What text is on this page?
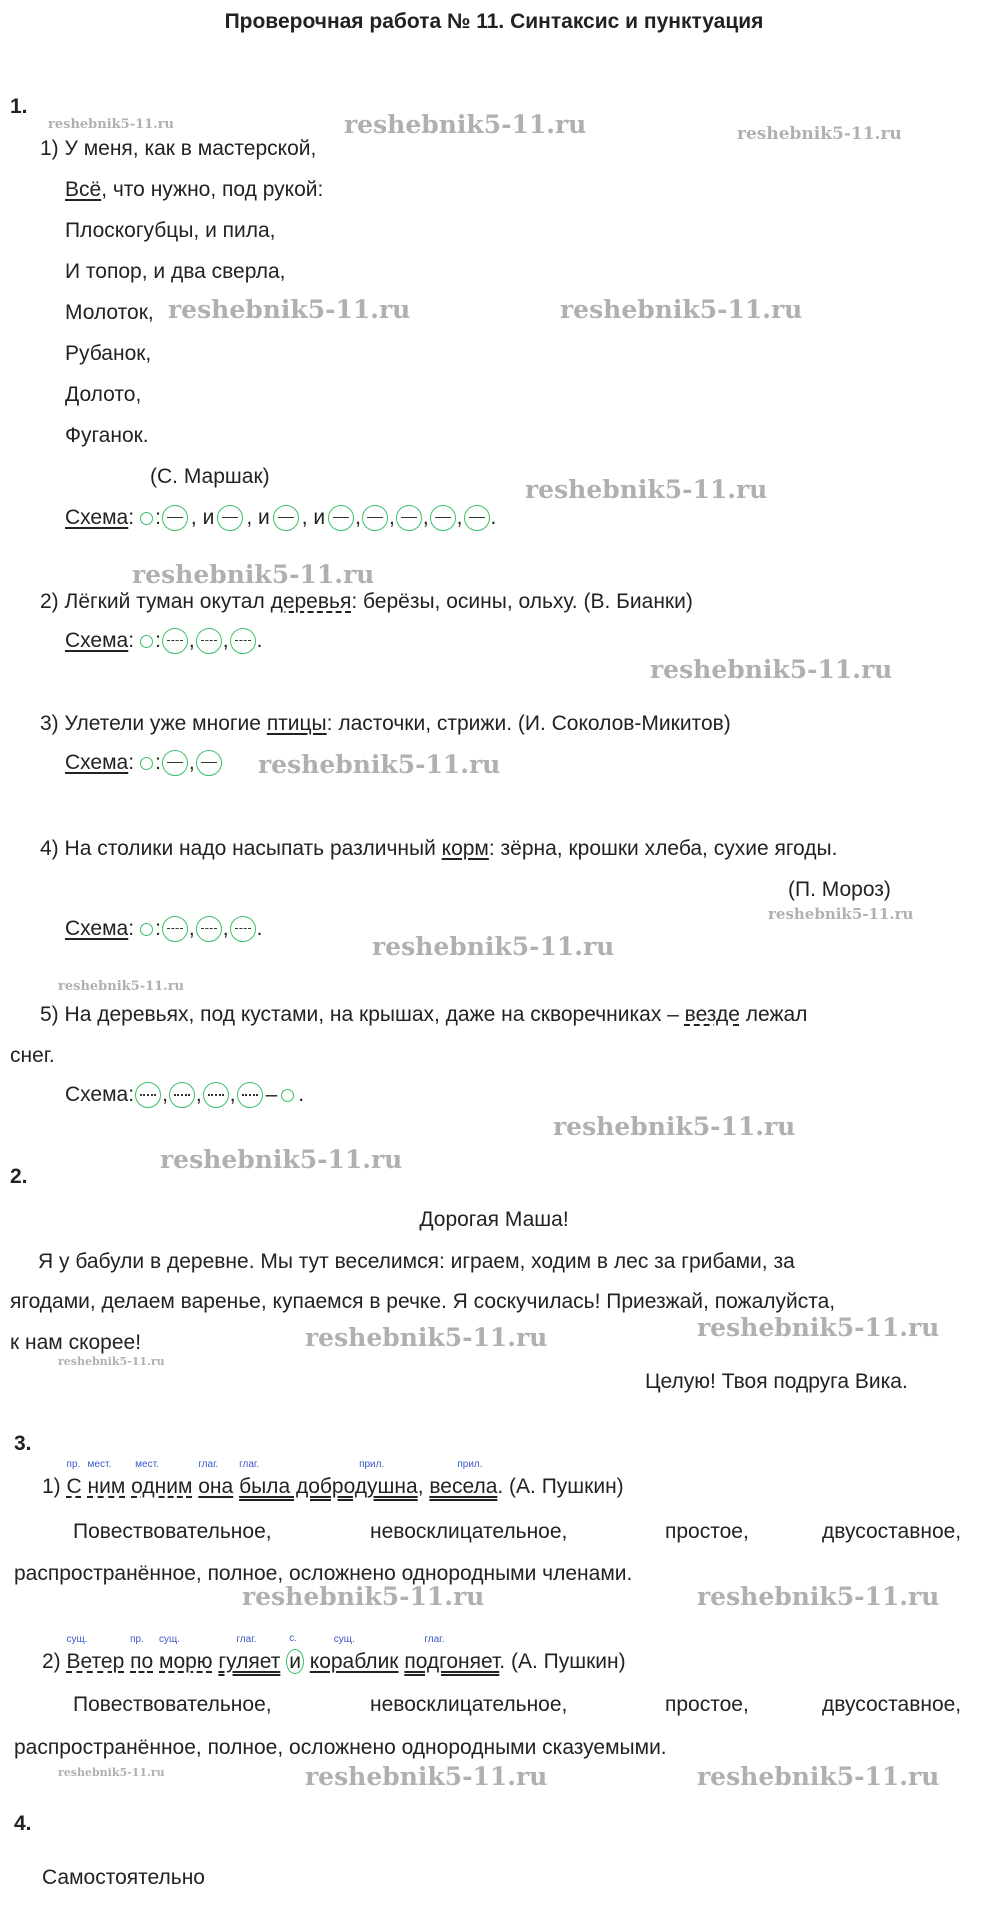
Проверочная работа № 11. Синтаксис и пунктуация
1.
reshebnik5-11.ru	reshebnik5-11.ru	reshebnik5-11.ru
1) У меня, как в мастерской,
Всё, что нужно, под рукой:
Плоскогубцы, и пила,
И топор, и два сверла,
Молоток, reshebnik5-11.ru	reshebnik5-11.ru
Рубанок,
Долото,
Фуганок.
(С. Маршак)	reshebnik5-11.ru
Схема : : , и , и , и , , , , .
reshebnik5-11.ru
2) Лёгкий туман окутал деревья: берёзы, осины, ольху. (В. Бианки)
Схема : : , , .
reshebnik5-11.ru
3) Улетели уже многие птицы: ласточки, стрижи. (И. Соколов-Микитов)
Схема : : ,	reshebnik5-11.ru
4) На столики надо насыпать различный корм: зёрна, крошки хлеба, сухие ягоды.
(П. Мороз)
reshebnik5-11.ru
Схема : : , , .
reshebnik5-11.ru
reshebnik5-11.ru
5) На деревьях, под кустами, на крышах, даже на скворечниках – везде лежал
снег.
Схема: , , , – .
reshebnik5-11.ru
reshebnik5-11.ru
2.
Дорогая Маша!
Я у бабули в деревне. Мы тут веселимся: играем, ходим в лес за грибами, за
ягодами, делаем варенье, купаемся в речке. Я соскучилась! Приезжай, пожалуйста,
к нам скорее!	reshebnik5-11.ru	reshebnik5-11.ru
reshebnik5-11.ru
Целую! Твоя подруга Вика.
3.
1)
пр.
С
мест.
ним
мест.
одним
глаг.
она
глаг.	прил.
была добродушна,
прил.
весела. (А. Пушкин)
Повествовательное,	невосклицательное,	простое,	двусоставное,
распространённое, полное, осложнено однородными членами.
reshebnik5-11.ru	reshebnik5-11.ru
2)
сущ.
Ветер
пр.
по
сущ.
морю
глаг.
гуляет
с.
и
сущ.
кораблик
глаг.
подгоняет. (А. Пушкин)
Повествовательное,	невосклицательное,	простое,	двусоставное,
распространённое, полное, осложнено однородными сказуемыми.
reshebnik5-11.ru	reshebnik5-11.ru	reshebnik5-11.ru
4.
Самостоятельно
